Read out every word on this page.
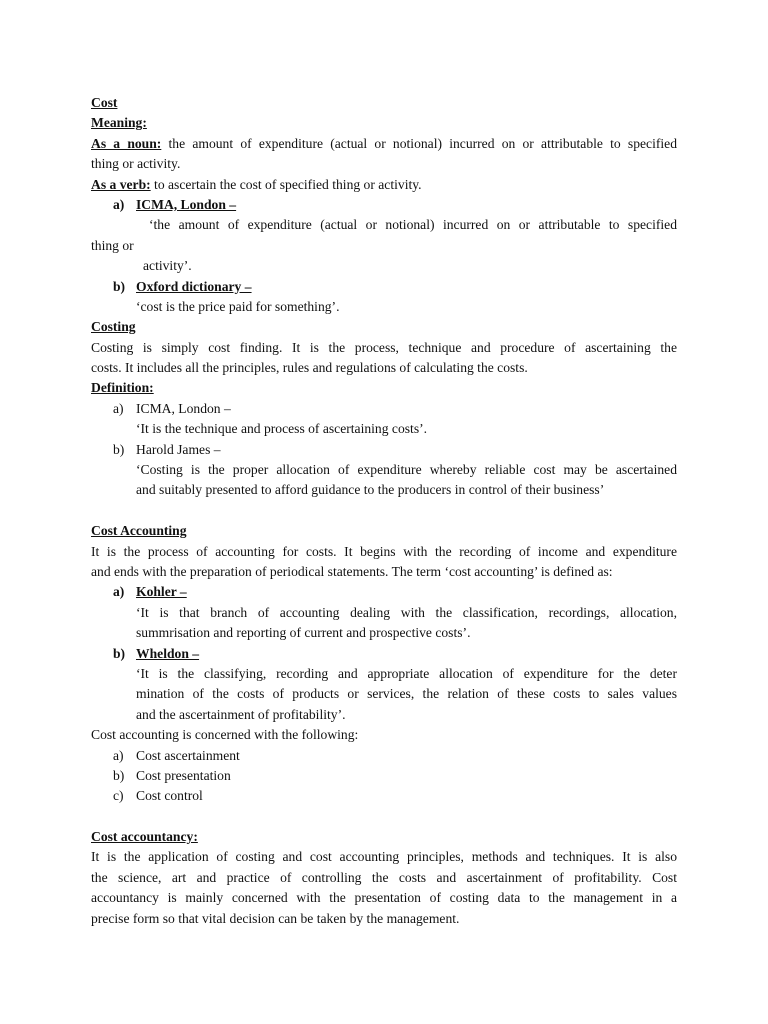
Cost
Meaning:
As a noun: the amount of expenditure (actual or notional) incurred on or attributable to specified
thing or activity.
As a verb: to ascertain the cost of specified thing or activity.
a) ICMA, London –
‘the amount of expenditure (actual or notional) incurred on or attributable to specified
thing or
activity’.
b) Oxford dictionary –
‘cost is the price paid for something’.
Costing
Costing is simply cost finding. It is the process, technique and procedure of ascertaining the
costs. It includes all the principles, rules and regulations of calculating the costs.
Definition:
a) ICMA, London –
‘It is the technique and process of ascertaining costs’.
b) Harold James –
‘Costing is the proper allocation of expenditure whereby reliable cost may be ascertained
and suitably presented to afford guidance to the producers in control of their business’
Cost Accounting
It is the process of accounting for costs. It begins with the recording of income and expenditure
and ends with the preparation of periodical statements. The term ‘cost accounting’ is defined as:
a) Kohler –
‘It is that branch of accounting dealing with the classification, recordings, allocation,
summrisation and reporting of current and prospective costs’.
b) Wheldon –
‘It is the classifying, recording and appropriate allocation of expenditure for the deter
mination of the costs of products or services, the relation of these costs to sales values
and the ascertainment of profitability’.
Cost accounting is concerned with the following:
a) Cost ascertainment
b) Cost presentation
c) Cost control
Cost accountancy:
It is the application of costing and cost accounting principles, methods and techniques. It is also
the science, art and practice of controlling the costs and ascertainment of profitability. Cost
accountancy is mainly concerned with the presentation of costing data to the management in a
precise form so that vital decision can be taken by the management.
